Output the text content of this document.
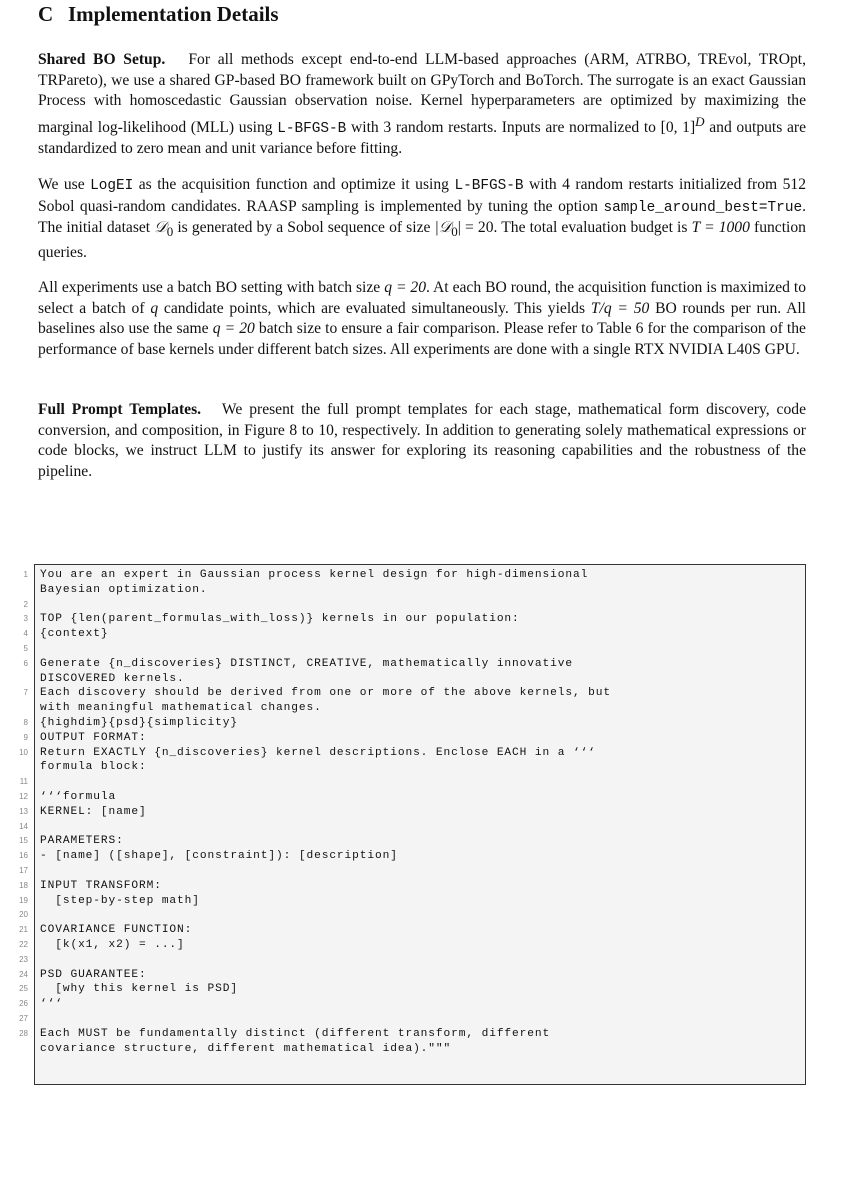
C Implementation Details

Shared BO Setup. For all methods except end-to-end LLM-based approaches (ARM, ATRBO, TREvol, TROpt, TRPareto), we use a shared GP-based BO framework built on GPyTorch and BoTorch. The surrogate is an exact Gaussian Process with homoscedastic Gaussian observation noise. Kernel hyperparameters are optimized by maximizing the marginal log-likelihood (MLL) using L-BFGS-B with 3 random restarts. Inputs are normalized to [0, 1]$^D$ and outputs are standardized to zero mean and unit variance before fitting.

We use LogEI as the acquisition function and optimize it using L-BFGS-B with 4 random restarts initialized from 512 Sobol quasi-random candidates. RAASP sampling is implemented by tuning the option sample_around_best=True. The initial dataset 𝒟$_0$ is generated by a Sobol sequence of size |𝒟$_0$| = 20. The total evaluation budget is T = 1000 function queries.

All experiments use a batch BO setting with batch size q = 20. At each BO round, the acquisition function is maximized to select a batch of q candidate points, which are evaluated simultaneously. This yields T/q = 50 BO rounds per run. All baselines also use the same q = 20 batch size to ensure a fair comparison. Please refer to Table 6 for the comparison of the performance of base kernels under different batch sizes. All experiments are done with a single RTX NVIDIA L40S GPU.

Full Prompt Templates. We present the full prompt templates for each stage, mathematical form discovery, code conversion, and composition, in Figure 8 to 10, respectively. In addition to generating solely mathematical expressions or code blocks, we instruct LLM to justify its answer for exploring its reasoning capabilities and the robustness of the pipeline.

1 You are an expert in Gaussian process kernel design for high-dimensional
Bayesian optimization.
2
3 TOP {len(parent_formulas_with_loss)} kernels in our population:
4 {context}
5
6 Generate {n_discoveries} DISTINCT, CREATIVE, mathematically innovative
DISCOVERED kernels.
7 Each discovery should be derived from one or more of the above kernels, but
with meaningful mathematical changes.
8 {highdim}{psd}{simplicity}
9 OUTPUT FORMAT:
10 Return EXACTLY {n_discoveries} kernel descriptions. Enclose EACH in a ‘‘‘
formula block:
11
12 ‘‘‘formula
13 KERNEL: [name]
14
15 PARAMETERS:
16 - [name] ([shape], [constraint]): [description]
17
18 INPUT TRANSFORM:
19 [step-by-step math]
20
21 COVARIANCE FUNCTION:
22 [k(x1, x2) = ...]
23
24 PSD GUARANTEE:
25 [why this kernel is PSD]
26 ‘‘‘
27
28 Each MUST be fundamentally distinct (different transform, different
covariance structure, different mathematical idea)."""
